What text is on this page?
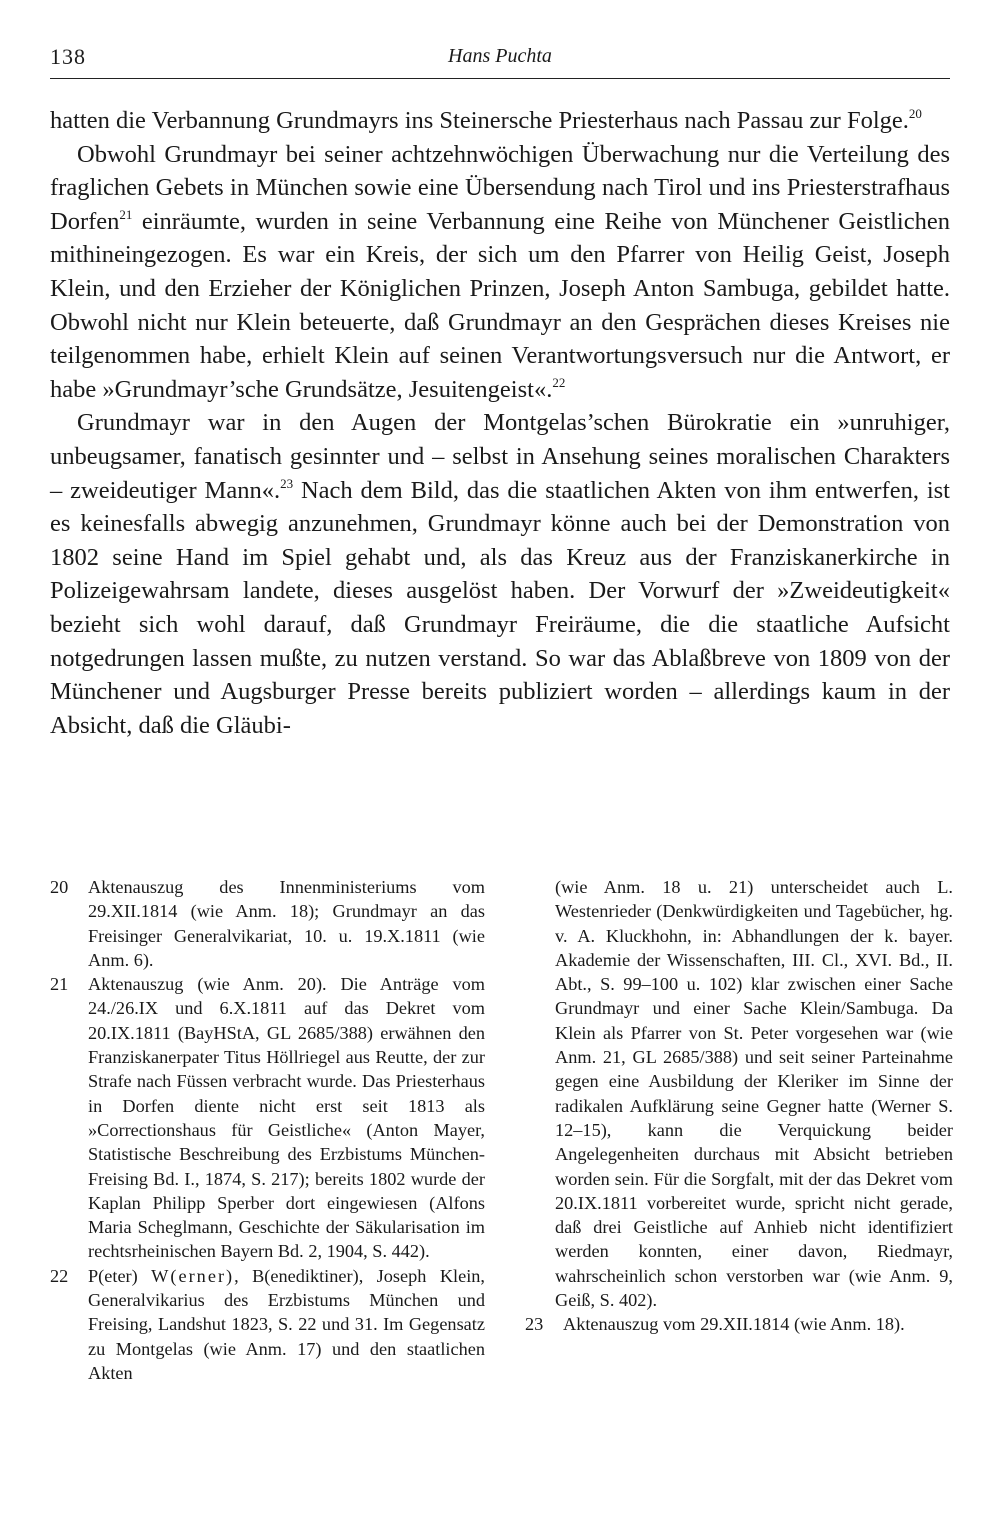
138	Hans Puchta

hatten die Verbannung Grundmayrs ins Steinersche Priesterhaus nach Passau zur Folge.$^{20}$

Obwohl Grundmayr bei seiner achtzehnwöchigen Überwachung nur die Verteilung des fraglichen Gebets in München sowie eine Übersendung nach Tirol und ins Priesterstrafhaus Dorfen$^{21}$ einräumte, wurden in seine Verbannung eine Reihe von Münchener Geistlichen mithineingezogen. Es war ein Kreis, der sich um den Pfarrer von Heilig Geist, Joseph Klein, und den Erzieher der Königlichen Prinzen, Joseph Anton Sambuga, gebildet hatte. Obwohl nicht nur Klein beteuerte, daß Grundmayr an den Gesprächen dieses Kreises nie teilgenommen habe, erhielt Klein auf seinen Verantwortungsversuch nur die Antwort, er habe »Grundmayr’sche Grundsätze, Jesuitengeist«.$^{22}$

Grundmayr war in den Augen der Montgelas’schen Bürokratie ein »unruhiger, unbeugsamer, fanatisch gesinnter und – selbst in Ansehung seines moralischen Charakters – zweideutiger Mann«.$^{23}$ Nach dem Bild, das die staatlichen Akten von ihm entwerfen, ist es keinesfalls abwegig anzunehmen, Grundmayr könne auch bei der Demonstration von 1802 seine Hand im Spiel gehabt und, als das Kreuz aus der Franziskanerkirche in Polizeigewahrsam landete, dieses ausgelöst haben. Der Vorwurf der »Zweideutigkeit« bezieht sich wohl darauf, daß Grundmayr Freiräume, die die staatliche Aufsicht notgedrungen lassen mußte, zu nutzen verstand. So war das Ablaßbreve von 1809 von der Münchener und Augsburger Presse bereits publiziert worden – allerdings kaum in der Absicht, daß die Gläubi-

20 Aktenauszug des Innenministeriums vom 29.XII.1814 (wie Anm. 18); Grundmayr an das Freisinger Generalvikariat, 10. u. 19.X.1811 (wie Anm. 6).
21 Aktenauszug (wie Anm. 20). Die Anträge vom 24./26.IX und 6.X.1811 auf das Dekret vom 20.IX.1811 (BayHStA, GL 2685/388) erwähnen den Franziskanerpater Titus Höllriegel aus Reutte, der zur Strafe nach Füssen verbracht wurde. Das Priesterhaus in Dorfen diente nicht erst seit 1813 als »Correctionshaus für Geistliche« (Anton Mayer, Statistische Beschreibung des Erzbistums München-Freising Bd. I., 1874, S. 217); bereits 1802 wurde der Kaplan Philipp Sperber dort eingewiesen (Alfons Maria Scheglmann, Geschichte der Säkularisation im rechtsrheinischen Bayern Bd. 2, 1904, S. 442).
22 P(eter) W(erner), B(enediktiner), Joseph Klein, Generalvikarius des Erzbistums München und Freising, Landshut 1823, S. 22 und 31. Im Gegensatz zu Montgelas (wie Anm. 17) und den staatlichen Akten
(wie Anm. 18 u. 21) unterscheidet auch L. Westenrieder (Denkwürdigkeiten und Tagebücher, hg. v. A. Kluckhohn, in: Abhandlungen der k. bayer. Akademie der Wissenschaften, III. Cl., XVI. Bd., II. Abt., S. 99–100 u. 102) klar zwischen einer Sache Grundmayr und einer Sache Klein/Sambuga. Da Klein als Pfarrer von St. Peter vorgesehen war (wie Anm. 21, GL 2685/388) und seit seiner Parteinahme gegen eine Ausbildung der Kleriker im Sinne der radikalen Aufklärung seine Gegner hatte (Werner S. 12–15), kann die Verquickung beider Angelegenheiten durchaus mit Absicht betrieben worden sein. Für die Sorgfalt, mit der das Dekret vom 20.IX.1811 vorbereitet wurde, spricht nicht gerade, daß drei Geistliche auf Anhieb nicht identifiziert werden konnten, einer davon, Riedmayr, wahrscheinlich schon verstorben war (wie Anm. 9, Geiß, S. 402).
23 Aktenauszug vom 29.XII.1814 (wie Anm. 18).
